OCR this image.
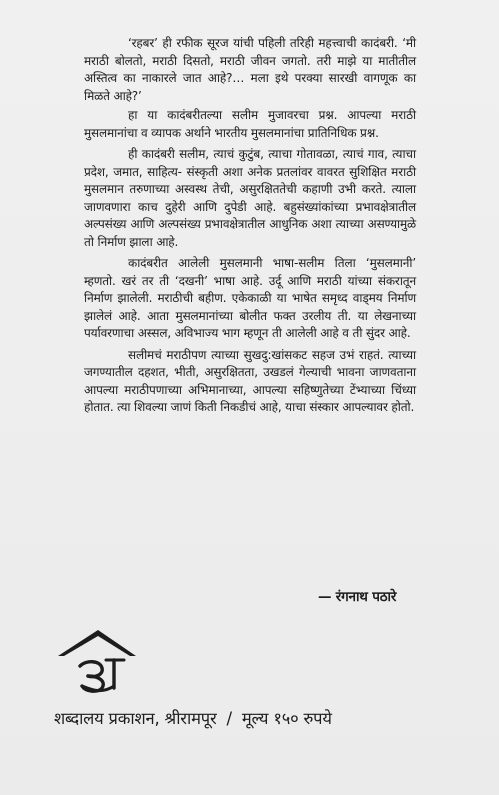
‘रहबर’ ही रफीक सूरज यांची पहिली तरिही महत्त्वाची कादंबरी. ‘मी मराठी बोलतो, मराठी दिसतो, मराठी जीवन जगतो. तरी माझे या मातीतील अस्तित्व का नाकारले जात आहे?… मला इथे परक्या सारखी वागणूक का मिळते आहे?’

हा या कादंबरीतल्या सलीम मुजावरचा प्रश्न. आपल्या मराठी मुसलमानांचा व व्यापक अर्थाने भारतीय मुसलमानांचा प्रातिनिधिक प्रश्न.

ही कादंबरी सलीम, त्याचं कुटुंब, त्याचा गोतावळा, त्याचं गाव, त्याचा प्रदेश, जमात, साहित्य- संस्कृती अशा अनेक प्रतलांवर वावरत सुशिक्षित मराठी मुसलमान तरुणाच्या अस्वस्थ तेची, असुरक्षिततेची कहाणी उभी करते. त्याला जाणवणारा काच दुहेरी आणि दुपेडी आहे. बहुसंख्यांकांच्या प्रभावक्षेत्रातील अल्पसंख्य आणि अल्पसंख्य प्रभावक्षेत्रातील आधुनिक अशा त्याच्या असण्यामुळे तो निर्माण झाला आहे.

कादंबरीत आलेली मुसलमानी भाषा-सलीम तिला ‘मुसलमानी’ म्हणतो. खरं तर ती ‘दखनी’ भाषा आहे. उर्दू आणि मराठी यांच्या संकरातून निर्माण झालेली. मराठीची बहीण. एकेकाळी या भाषेत समृध्द वाड्मय निर्माण झालेलं आहे. आता मुसलमानांच्या बोलीत फक्त उरलीय ती. या लेखनाच्या पर्यावरणाचा अस्सल, अविभाज्य भाग म्हणून ती आलेली आहे व ती सुंदर आहे.

सलीमचं मराठीपण त्याच्या सुखदु:खांसकट सहज उभं राहतं. त्याच्या जगण्यातील दहशत, भीती, असुरक्षितता, उखडलं गेल्याची भावना जाणवताना आपल्या मराठीपणाच्या अभिमानाच्या, आपल्या सहिष्णुतेच्या टेंभ्याच्या चिंध्या होतात. त्या शिवल्या जाणं किती निकडीचं आहे, याचा संस्कार आपल्यावर होतो.

— रंगनाथ पठारे
शब्दालय प्रकाशन, श्रीरामपूर / मूल्य १५० रुपये
